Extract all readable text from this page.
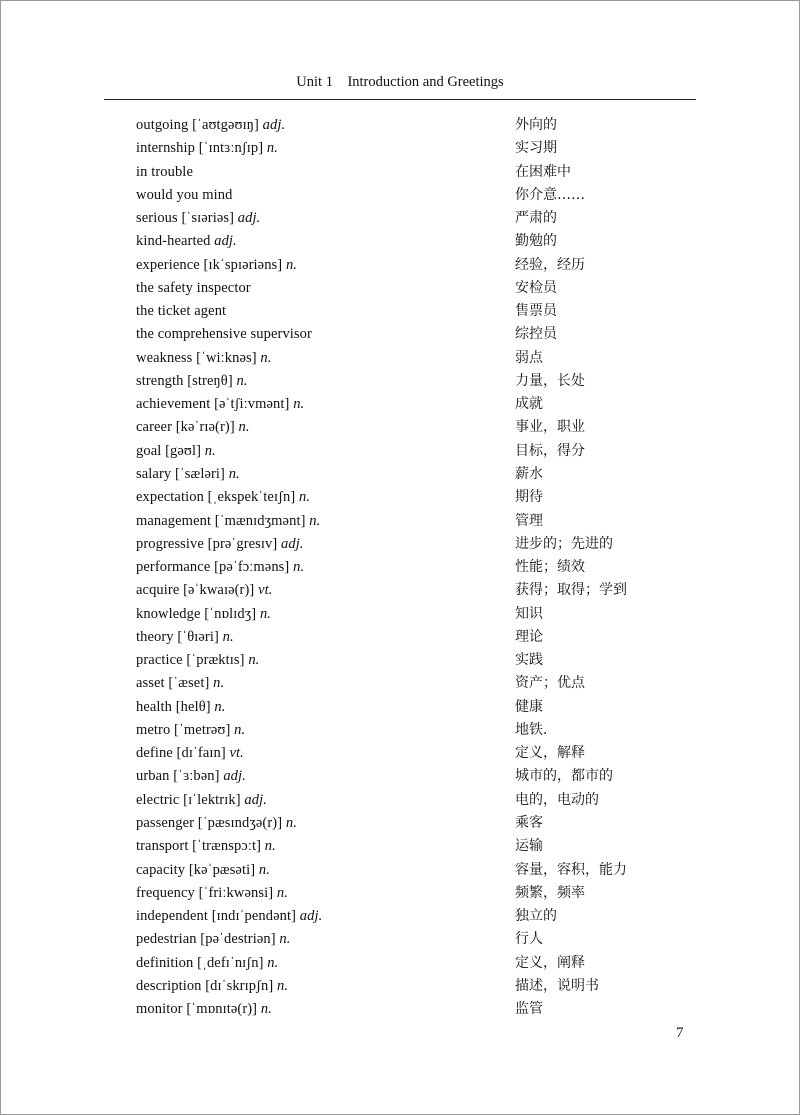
Unit 1 Introduction and Greetings
outgoing [ˈaʊtgəʊɪŋ] adj.	外向的
internship [ˈɪntɜːnʃɪp] n.	实习期
in trouble	在困难中
would you mind	你介意……
serious [ˈsɪəriəs] adj.	严肃的
kind-hearted adj.	勤勉的
experience [ɪkˈspɪəriəns] n.	经验，经历
the safety inspector	安检员
the ticket agent	售票员
the comprehensive supervisor	综控员
weakness [ˈwiːknəs] n.	弱点
strength [streŋθ] n.	力量，长处
achievement [əˈtʃiːvmənt] n.	成就
career [kəˈrɪə(r)] n.	事业，职业
goal [gəʊl] n.	目标，得分
salary [ˈsæləri] n.	薪水
expectation [ˌekspekˈteɪʃn] n.	期待
management [ˈmænɪdʒmənt] n.	管理
progressive [prəˈgresɪv] adj.	进步的；先进的
performance [pəˈfɔːməns] n.	性能；绩效
acquire [əˈkwaɪə(r)] vt.	获得；取得；学到
knowledge [ˈnɒlɪdʒ] n.	知识
theory [ˈθɪəri] n.	理论
practice [ˈpræktɪs] n.	实践
asset [ˈæset] n.	资产；优点
health [helθ] n.	健康
metro [ˈmetrəʊ] n.	地铁.
define [dɪˈfaɪn] vt.	定义，解释
urban [ˈɜːbən] adj.	城市的，都市的
electric [ɪˈlektrɪk] adj.	电的，电动的
passenger [ˈpæsɪndʒə(r)] n.	乘客
transport [ˈtrænspɔːt] n.	运输
capacity [kəˈpæsəti] n.	容量，容积，能力
frequency [ˈfriːkwənsi] n.	频繁，频率
independent [ɪndɪˈpendənt] adj.	独立的
pedestrian [pəˈdestriən] n.	行人
definition [ˌdefɪˈnɪʃn] n.	定义，阐释
description [dɪˈskrɪpʃn] n.	描述，说明书
monitor [ˈmɒnɪtə(r)] n.	监管
7
